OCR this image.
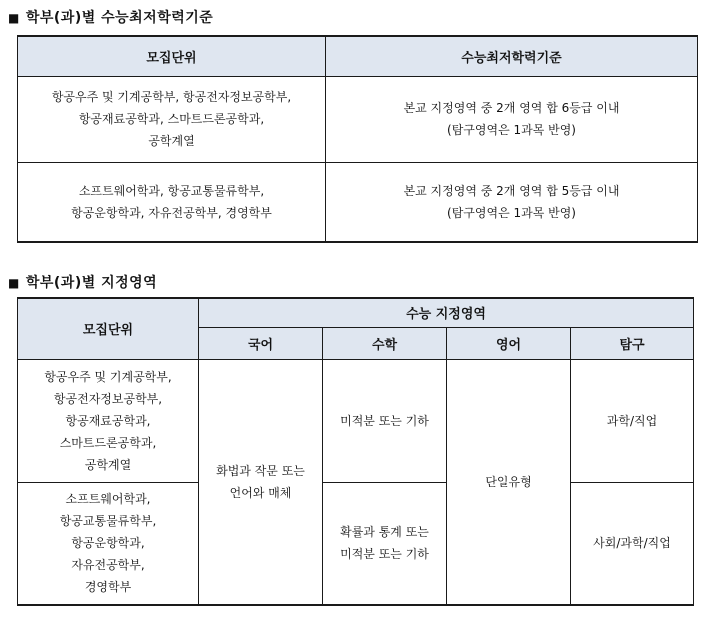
■ 학부(과)별 수능최저학력기준
모집단위	수능최저학력기준

항공우주 및 기계공학부, 항공전자정보공학부,
항공재료공학과, 스마트드론공학과,
공학계열	본교 지정영역 중 2개 영역 합 6등급 이내
(탐구영역은 1과목 반영)

소프트웨어학과, 항공교통물류학부,
항공운항학과, 자유전공학부, 경영학부	본교 지정영역 중 2개 영역 합 5등급 이내
(탐구영역은 1과목 반영)
■ 학부(과)별 지정영역
모집단위	수능 지정영역			
	국어	수학	영어	탐구

항공우주 및 기계공학부,
항공전자정보공학부,
항공재료공학과,
스마트드론공학과,
공학계열	화법과 작문 또는
언어와 매체	미적분 또는 기하	단일유형	과학/직업

소프트웨어학과,
항공교통물류학부,
항공운항학과,
자유전공학부,
경영학부		확률과 통계 또는
미적분 또는 기하		사회/과학/직업
